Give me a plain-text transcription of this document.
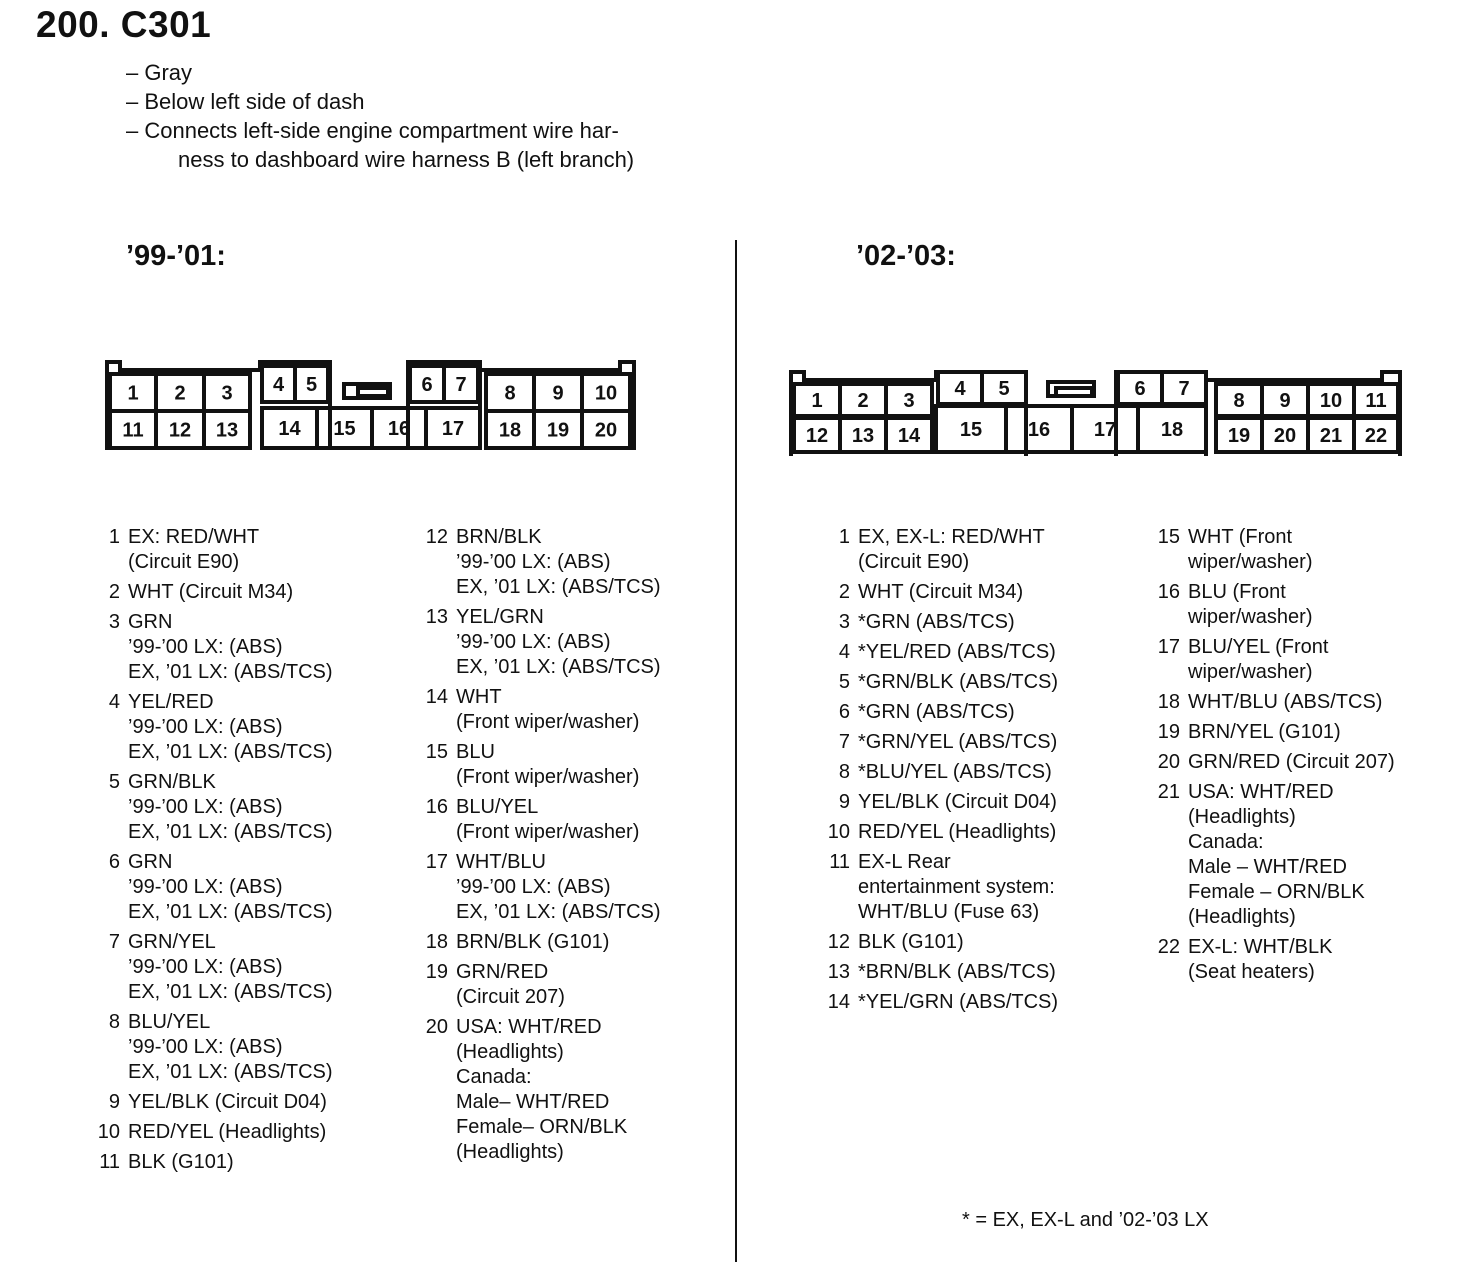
200. C301
– Gray
– Below left side of dash
– Connects left-side engine compartment wire har-
ness to dashboard wire harness B (left branch)
’99-’01:	’02-’03:
1 2 3 4 5	6 7 8 9 10
11 12 13 14 15 16 17 18 19 20
1 2 3
4 5	6 7
8 9 10 11
12 13 14 15 16 17 18 19 20 21 22
1 EX: RED/WHT
(Circuit E90)
2 WHT (Circuit M34)
3 GRN
’99-’00 LX: (ABS)
EX, ’01 LX: (ABS/TCS)
4 YEL/RED
’99-’00 LX: (ABS)
EX, ’01 LX: (ABS/TCS)
5 GRN/BLK
’99-’00 LX: (ABS)
EX, ’01 LX: (ABS/TCS)
6 GRN
’99-’00 LX: (ABS)
EX, ’01 LX: (ABS/TCS)
7 GRN/YEL
’99-’00 LX: (ABS)
EX, ’01 LX: (ABS/TCS)
8 BLU/YEL
’99-’00 LX: (ABS)
EX, ’01 LX: (ABS/TCS)
9 YEL/BLK (Circuit D04)
10 RED/YEL (Headlights)
11 BLK (G101)
12 BRN/BLK
’99-’00 LX: (ABS)
EX, ’01 LX: (ABS/TCS)
13 YEL/GRN
’99-’00 LX: (ABS)
EX, ’01 LX: (ABS/TCS)
14 WHT
(Front wiper/washer)
15 BLU
(Front wiper/washer)
16 BLU/YEL
(Front wiper/washer)
17 WHT/BLU
’99-’00 LX: (ABS)
EX, ’01 LX: (ABS/TCS)
18 BRN/BLK (G101)
19 GRN/RED
(Circuit 207)
20 USA: WHT/RED
(Headlights)
Canada:
Male– WHT/RED
Female– ORN/BLK
(Headlights)
1 EX, EX-L: RED/WHT
(Circuit E90)
2 WHT (Circuit M34)
3 *GRN (ABS/TCS)
4 *YEL/RED (ABS/TCS)
5 *GRN/BLK (ABS/TCS)
6 *GRN (ABS/TCS)
7 *GRN/YEL (ABS/TCS)
8 *BLU/YEL (ABS/TCS)
9 YEL/BLK (Circuit D04)
10 RED/YEL (Headlights)
11 EX-L Rear
entertainment system:
WHT/BLU (Fuse 63)
12 BLK (G101)
13 *BRN/BLK (ABS/TCS)
14 *YEL/GRN (ABS/TCS)
15 WHT (Front
wiper/washer)
16 BLU (Front
wiper/washer)
17 BLU/YEL (Front
wiper/washer)
18 WHT/BLU (ABS/TCS)
19 BRN/YEL (G101)
20 GRN/RED (Circuit 207)
21 USA: WHT/RED
(Headlights)
Canada:
Male – WHT/RED
Female – ORN/BLK
(Headlights)
22 EX-L: WHT/BLK
(Seat heaters)
* = EX, EX-L and ’02-’03 LX
